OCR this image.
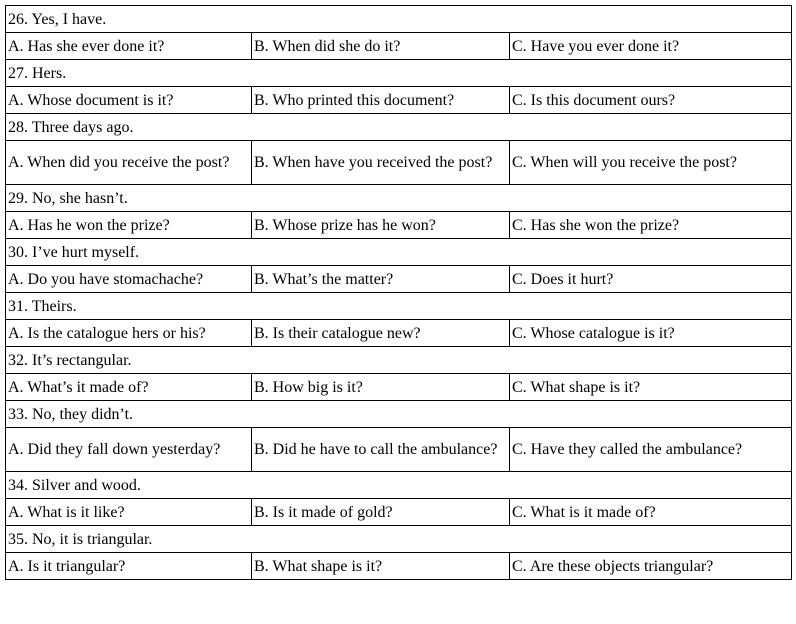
26. Yes, I have.		
A. Has she ever done it?	B. When did she do it?	C. Have you ever done it?
27. Hers.		
A. Whose document is it?	B. Who printed this document?	C. Is this document ours?
28. Three days ago.		
A. When did you receive the post?	B. When have you received the post?	C. When will you receive the post?
29. No, she hasn’t.		
A. Has he won the prize?	B. Whose prize has he won?	C. Has she won the prize?
30. I’ve hurt myself.		
A. Do you have stomachache?	B. What’s the matter?	C. Does it hurt?
31. Theirs.		
A. Is the catalogue hers or his?	B. Is their catalogue new?	C. Whose catalogue is it?
32. It’s rectangular.		
A. What’s it made of?	B. How big is it?	C. What shape is it?
33. No, they didn’t.		
A. Did they fall down yesterday?	B. Did he have to call the ambulance?	C. Have they called the ambulance?
34. Silver and wood.		
A. What is it like?	B. Is it made of gold?	C. What is it made of?
35. No, it is triangular.		
A. Is it triangular?	B. What shape is it?	C. Are these objects triangular?
